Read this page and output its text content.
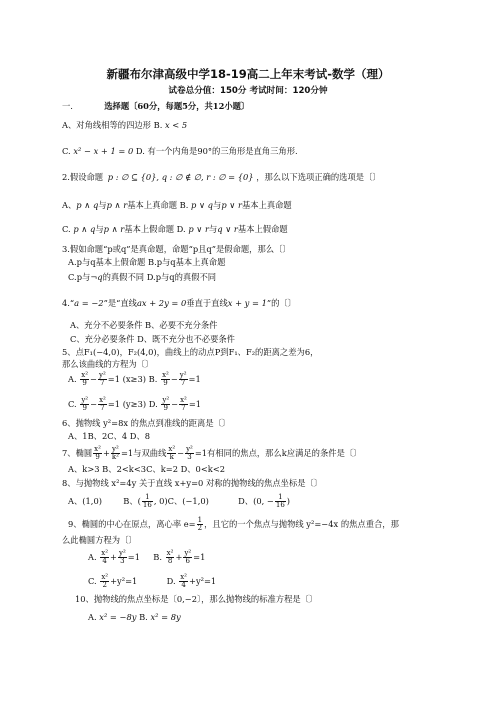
新疆布尔津高级中学18-19高二上年末考试-数学（理）
试卷总分值：150分 考试时间：120分钟
一.	选择题〔60分，每题5分，共12小题〕
A、对角线相等的四边形 B. x < 5
C. x² − x + 1 = 0 D. 有一个内角是90°的三角形是直角三角形.
2.假设命题 p : ∅ ⊆ {0}, q : ∅ ∉ ∅, r : ∅ = {0} ，那么以下选项正确的选项是〔〕
A、p ∧ q与p ∧ r基本上真命题 B. p ∨ q与p ∨ r基本上真命题
C. p ∧ q与p ∧ r基本上假命题 D. p ∨ r与q ∨ r基本上假命题
3.假如命题“p或q”是真命题，命题“p且q”是假命题，那么〔〕
A.p与q基本上假命题 B.p与q基本上真命题
C.p与¬q的真假不同 D.p与q的真假不同
4.“a = −2”是“直线ax + 2y = 0垂直于直线x + y = 1”的〔〕
A、充分不必要条件 B、必要不充分条件
C、充分必要条件 D、既不充分也不必要条件
5、点F₁(−4,0)，F₂(4,0)，曲线上的动点P到F₁、F₂的距离之差为6，
那么该曲线的方程为〔〕
A. $\frac{\text{x²}}{9} - \frac{\text{y²}}{7} =1$ (x≥3) B. $\frac{\text{x²}}{9} - \frac{\text{y²}}{7} =1$
C. $\frac{\text{y²}}{9} - \frac{\text{x²}}{7} =1$ (y≥3) D. $\frac{\text{y²}}{9} - \frac{\text{x²}}{7} =1$
6、抛物线 y²=8x 的焦点到准线的距离是〔〕
A、1B、2C、4 D、8
7、椭圆 $\frac{\text{x²}}{9} + \frac{\text{y²}}{\text{k²}} =1$与双曲线 $\frac{\text{x²}}{k} - \frac{\text{y²}}{3} =1$有相同的焦点，那么k应满足的条件是〔〕
A、k>3 B、2<k<3C、k=2 D、0<k<2
8、与抛物线 x²=4y 关于直线 x+y=0 对称的抛物线的焦点坐标是〔〕
A、(1,0)	B、( $\frac{1}{16}$ , 0)C、(−1,0)	D、(0, − $\frac{1}{16}$ )
9、椭圆的中心在原点，离心率 $e= \frac{1}{2}$ ，且它的一个焦点与抛物线 y²=−4x 的焦点重合，那
么此椭圆方程为〔〕
A. $\frac{\text{x²}}{4} + \frac{\text{y²}}{3} =1$ B. $\frac{\text{x²}}{8} + \frac{\text{y²}}{6} =1$
C. $\frac{\text{x²}}{2} +y^2=1$	D. $\frac{\text{x²}}{4} +y^2=1$
10、抛物线的焦点坐标是〔0,−2〕，那么抛物线的标准方程是〔〕
A. x² = −8y B. x² = 8y
